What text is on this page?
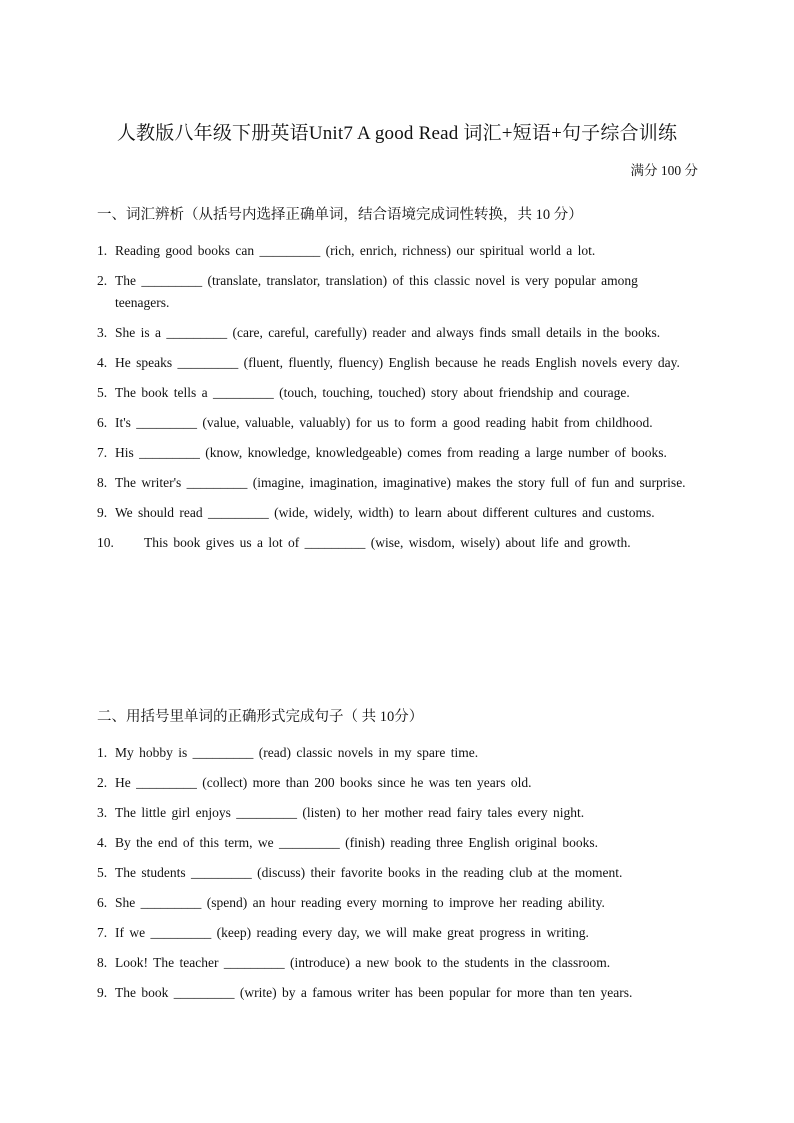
人教版八年级下册英语Unit7 A good Read 词汇+短语+句子综合训练
满分 100 分
一、词汇辨析（从括号内选择正确单词，结合语境完成词性转换，共 10 分）
1. Reading good books can _________ (rich, enrich, richness) our spiritual world a lot.
2. The _________ (translate, translator, translation) of this classic novel is very popular among teenagers.
3. She is a _________ (care, careful, carefully) reader and always finds small details in the books.
4. He speaks _________ (fluent, fluently, fluency) English because he reads English novels every day.
5. The book tells a _________ (touch, touching, touched) story about friendship and courage.
6. It's _________ (value, valuable, valuably) for us to form a good reading habit from childhood.
7. His _________ (know, knowledge, knowledgeable) comes from reading a large number of books.
8. The writer's _________ (imagine, imagination, imaginative) makes the story full of fun and surprise.
9. We should read _________ (wide, widely, width) to learn about different cultures and customs.
10. This book gives us a lot of _________ (wise, wisdom, wisely) about life and growth.
二、用括号里单词的正确形式完成句子（ 共 10分）
1. My hobby is _________ (read) classic novels in my spare time.
2. He _________ (collect) more than 200 books since he was ten years old.
3. The little girl enjoys _________ (listen) to her mother read fairy tales every night.
4. By the end of this term, we _________ (finish) reading three English original books.
5. The students _________ (discuss) their favorite books in the reading club at the moment.
6. She _________ (spend) an hour reading every morning to improve her reading ability.
7. If we _________ (keep) reading every day, we will make great progress in writing.
8. Look! The teacher _________ (introduce) a new book to the students in the classroom.
9. The book _________ (write) by a famous writer has been popular for more than ten years.
